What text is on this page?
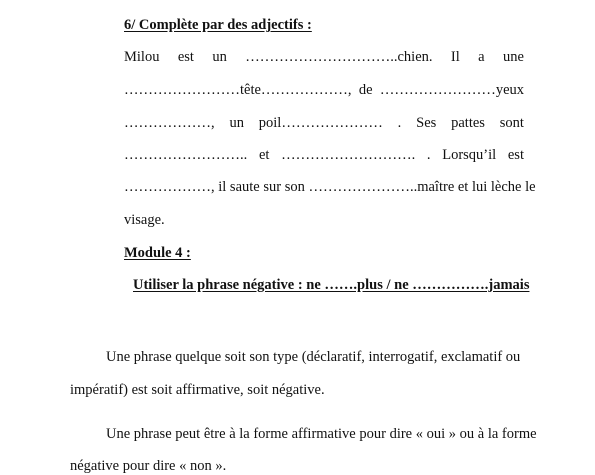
6/ Complète par des adjectifs :
Milou est un …………………………..chien. Il a une
……………………tête………………, de ……………………yeux
………………, un poil………………… . Ses pattes sont
…………………….. et ………………………. . Lorsqu’il est
………………, il saute sur son …………………..maître et lui lèche le
visage.
Module 4 :
Utiliser la phrase négative : ne …….plus / ne …………….jamais
Une phrase quelque soit son type (déclaratif, interrogatif, exclamatif ou
impératif) est soit affirmative, soit négative.
Une phrase peut être à la forme affirmative pour dire « oui » ou à la forme
négative pour dire « non ».
